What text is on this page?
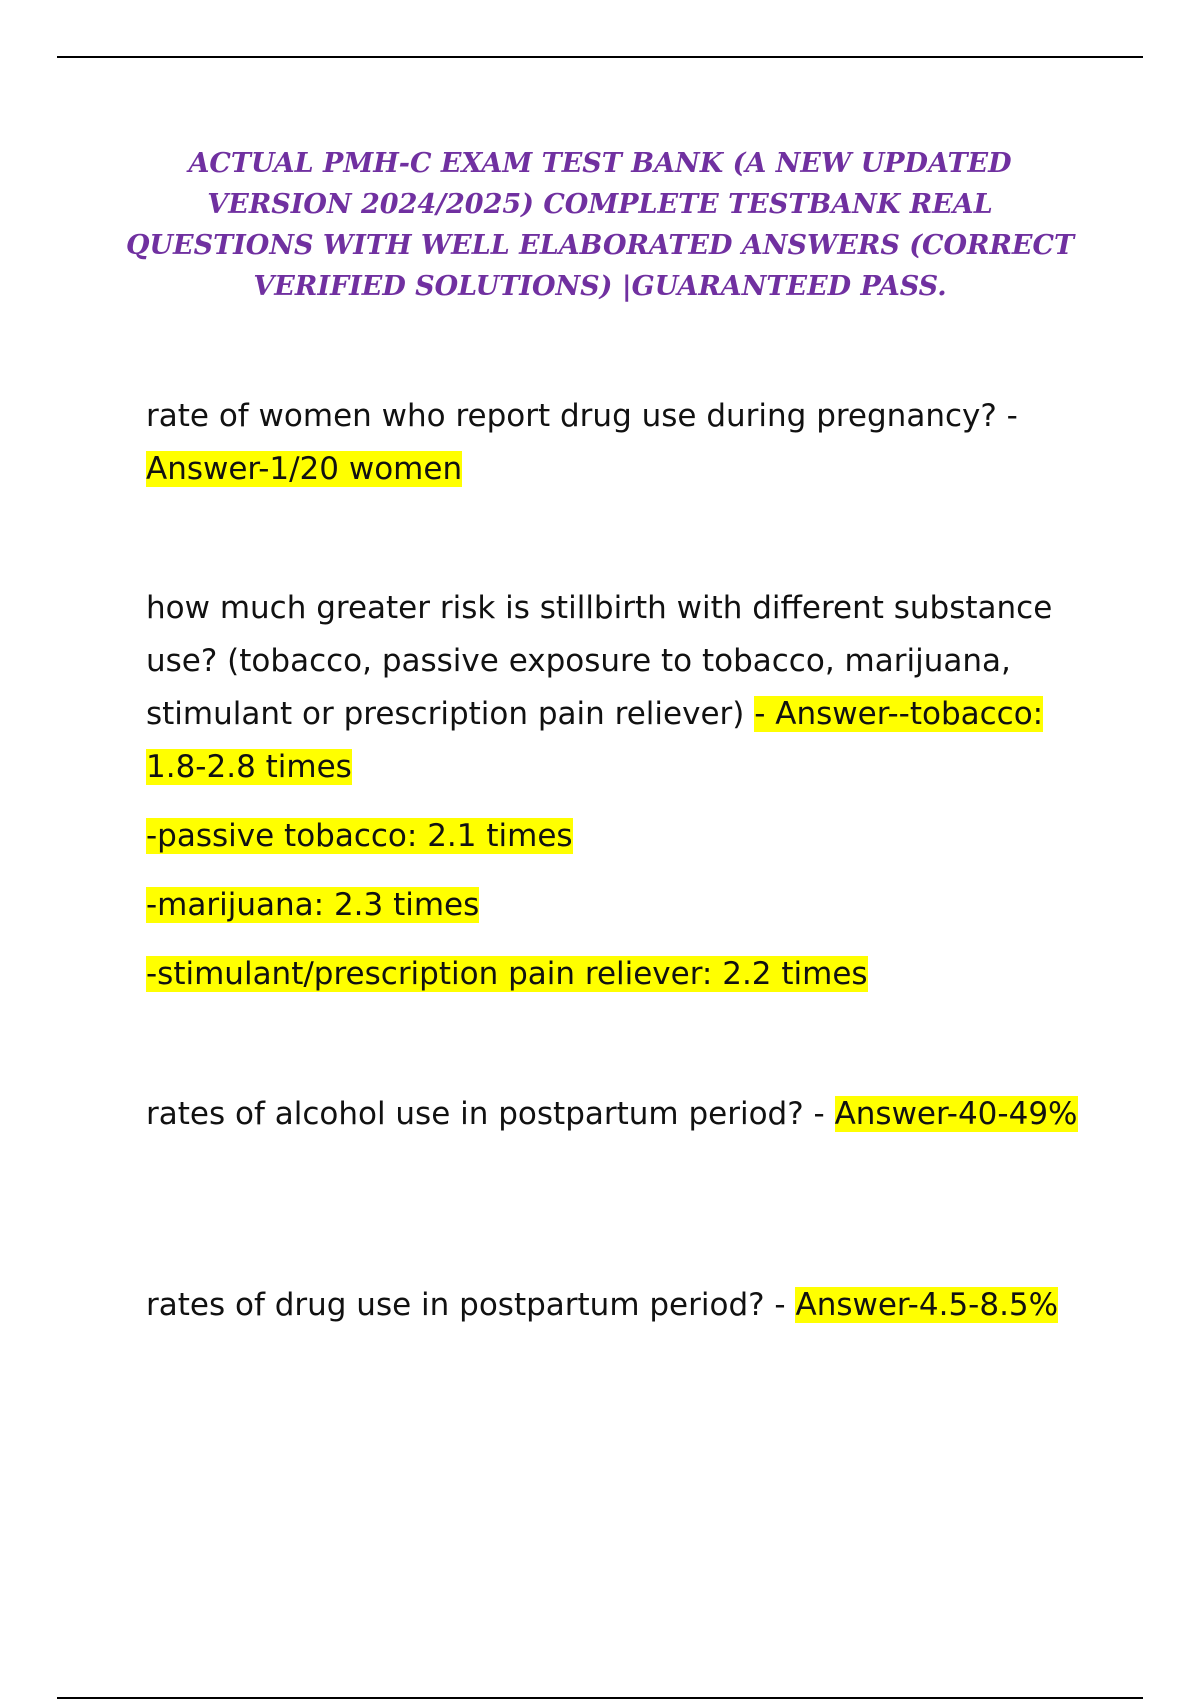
ACTUAL PMH-C EXAM TEST BANK (A NEW UPDATED VERSION 2024/2025) COMPLETE TESTBANK REAL QUESTIONS WITH WELL ELABORATED ANSWERS (CORRECT VERIFIED SOLUTIONS) |GUARANTEED PASS.

rate of women who report drug use during pregnancy? - Answer-1/20 women

how much greater risk is stillbirth with different substance use? (tobacco, passive exposure to tobacco, marijuana, stimulant or prescription pain reliever) - Answer--tobacco: 1.8-2.8 times

-passive tobacco: 2.1 times

-marijuana: 2.3 times

-stimulant/prescription pain reliever: 2.2 times

rates of alcohol use in postpartum period? - Answer-40-49%

rates of drug use in postpartum period? - Answer-4.5-8.5%
